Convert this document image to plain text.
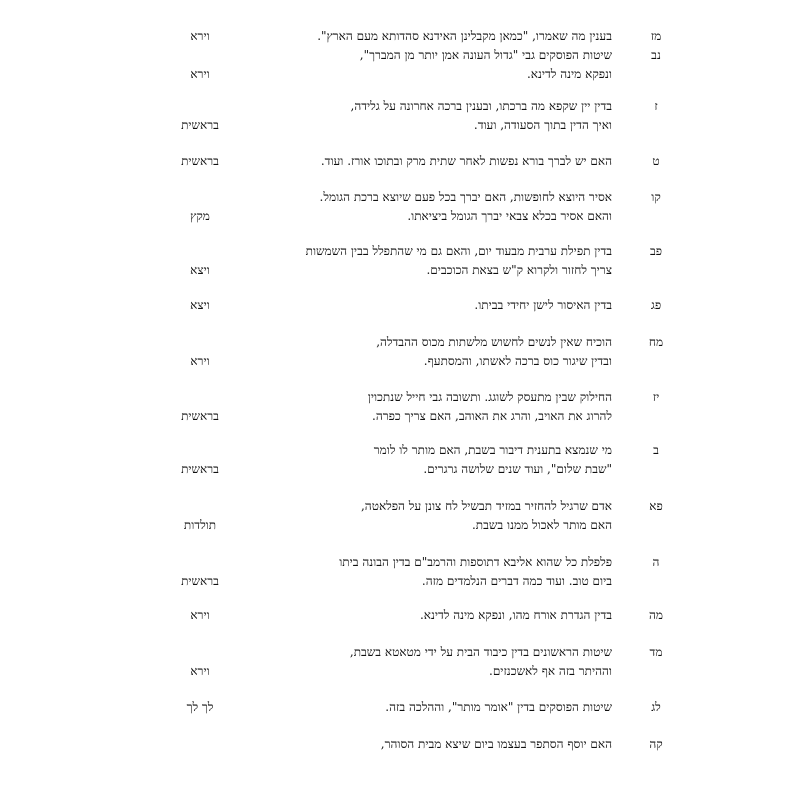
מז
נב
בענין מה שאמרו, "כמאן מקבלינן האידנא סהדותא מעם הארץ".
שיטות הפוסקים גבי "גדול העונה אמן יותר מן המברך",
ונפקא מינה לדינא.
וירא
וירא
ז
בדין יין שקפא מה ברכתו, ובענין ברכה אחרונה על גלידה,
ואיך הדין בתוך הסעודה, ועוד.
בראשית
ט
האם יש לברך בורא נפשות לאחר שתית מרק ובתוכו אורז. ועוד.
בראשית
קו
אסיר היוצא לחופשות, האם יברך בכל פעם שיוצא ברכת הגומל.
והאם אסיר בכלא צבאי יברך הגומל ביציאתו.
מקץ
פב
בדין תפילת ערבית מבעוד יום, והאם גם מי שהתפלל בבין השמשות
צריך לחזור ולקרוא ק"ש בצאת הכוכבים.
ויצא
פג
בדין האיסור לישן יחידי בביתו.
ויצא
מח
הוכיח שאין לנשים לחשוש מלשתות מכוס ההבדלה,
ובדין שיגור כוס ברכה לאשתו, והמסתעף.
וירא
יז
החילוק שבין מתעסק לשוגג. ותשובה גבי חייל שנתכוין
להרוג את האויב, והרג את האוהב, האם צריך כפרה.
בראשית
ב
מי שנמצא בתענית דיבור בשבת, האם מותר לו לומר
"שבת שלום", ועוד שנים שלושה גרגרים.
בראשית
פא
אדם שרגיל להחזיר במזיד תבשיל לח צונן על הפלאטה,
האם מותר לאכול ממנו בשבת.
תולדות
ה
פלפלת כל שהוא אליבא דתוספות והרמב"ם בדין הבונה ביתו
ביום טוב. ועוד כמה דברים הנלמדים מזה.
בראשית
מה
בדין הגדרת אורח מהו, ונפקא מינה לדינא.
וירא
מד
שיטות הראשונים בדין כיבוד הבית על ידי מטאטא בשבת,
וההיתר בזה אף לאשכנזים.
וירא
לג
שיטות הפוסקים בדין "אומר מותר", וההלכה בזה.
לך לך
קה
האם יוסף הסתפר בעצמו ביום שיצא מבית הסוהר,
